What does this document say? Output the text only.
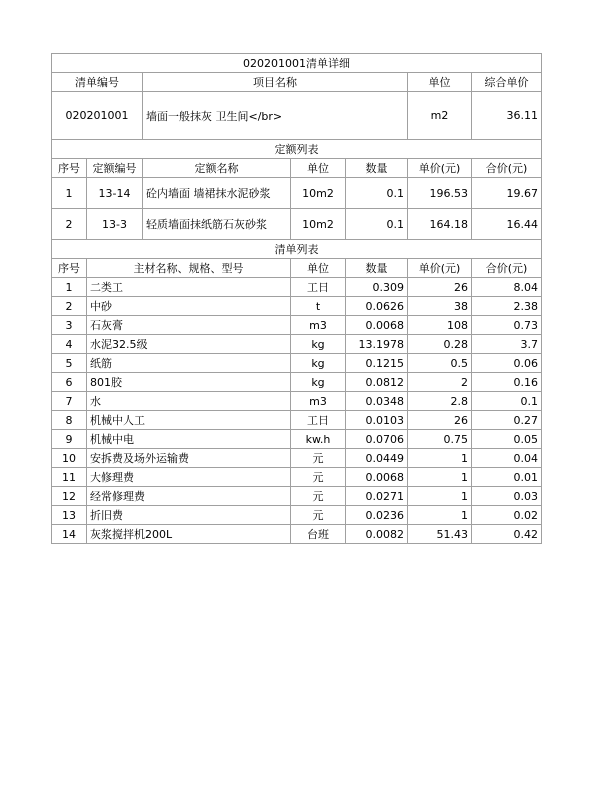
020201001清单详细						
清单编号		项目名称			单位	综合单价
020201001		墙面一般抹灰 卫生间</br>			m2	36.11
定额列表						
序号	定额编号	定额名称	单位	数量	单价(元)	合价(元)
1	13-14	砼内墙面 墙裙抹水泥砂浆	10m2	0.1	196.53	19.67
2	13-3	轻质墙面抹纸筋石灰砂浆	10m2	0.1	164.18	16.44
清单列表						
序号	主材名称、规格、型号		单位	数量	单价(元)	合价(元)
1	二类工		工日	0.309	26	8.04
2	中砂		t	0.0626	38	2.38
3	石灰膏		m3	0.0068	108	0.73
4	水泥32.5级		kg	13.1978	0.28	3.7
5	纸筋		kg	0.1215	0.5	0.06
6	801胶		kg	0.0812	2	0.16
7	水		m3	0.0348	2.8	0.1
8	机械中人工		工日	0.0103	26	0.27
9	机械中电		kw.h	0.0706	0.75	0.05
10	安拆费及场外运输费		元	0.0449	1	0.04
11	大修理费		元	0.0068	1	0.01
12	经常修理费		元	0.0271	1	0.03
13	折旧费		元	0.0236	1	0.02
14	灰浆搅拌机200L		台班	0.0082	51.43	0.42
